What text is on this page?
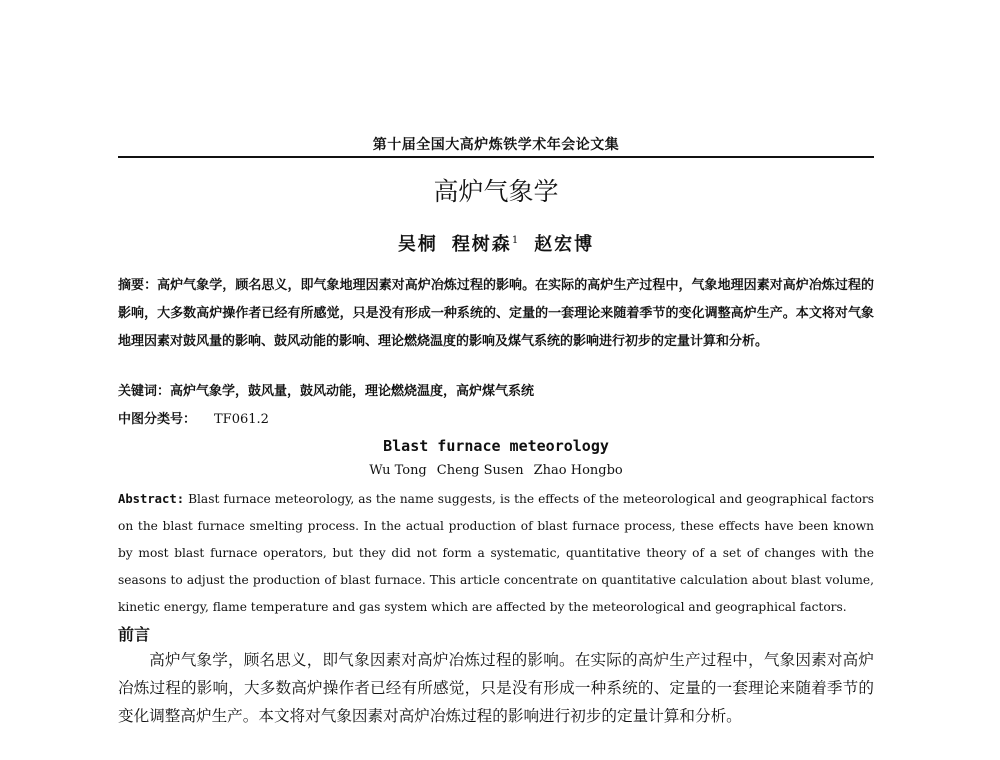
第十届全国大高炉炼铁学术年会论文集
高炉气象学
吴桐 程树森$^1$ 赵宏博
摘要：高炉气象学，顾名思义，即气象地理因素对高炉冶炼过程的影响。在实际的高炉生产过程中，气象地理因素对高炉冶炼过程的影响，大多数高炉操作者已经有所感觉，只是没有形成一种系统的、定量的一套理论来随着季节的变化调整高炉生产。本文将对气象地理因素对鼓风量的影响、鼓风动能的影响、理论燃烧温度的影响及煤气系统的影响进行初步的定量计算和分析。
关键词：高炉气象学，鼓风量，鼓风动能，理论燃烧温度，高炉煤气系统
中图分类号： TF061.2
Blast furnace meteorology
Wu Tong Cheng Susen Zhao Hongbo
Abstract: Blast furnace meteorology, as the name suggests, is the effects of the meteorological and geographical factors on the blast furnace smelting process. In the actual production of blast furnace process, these effects have been known by most blast furnace operators, but they did not form a systematic, quantitative theory of a set of changes with the seasons to adjust the production of blast furnace. This article concentrate on quantitative calculation about blast volume, kinetic energy, flame temperature and gas system which are affected by the meteorological and geographical factors.
前言
高炉气象学，顾名思义，即气象因素对高炉冶炼过程的影响。在实际的高炉生产过程中，气象因素对高炉冶炼过程的影响，大多数高炉操作者已经有所感觉，只是没有形成一种系统的、定量的一套理论来随着季节的变化调整高炉生产。本文将对气象因素对高炉冶炼过程的影响进行初步的定量计算和分析。
